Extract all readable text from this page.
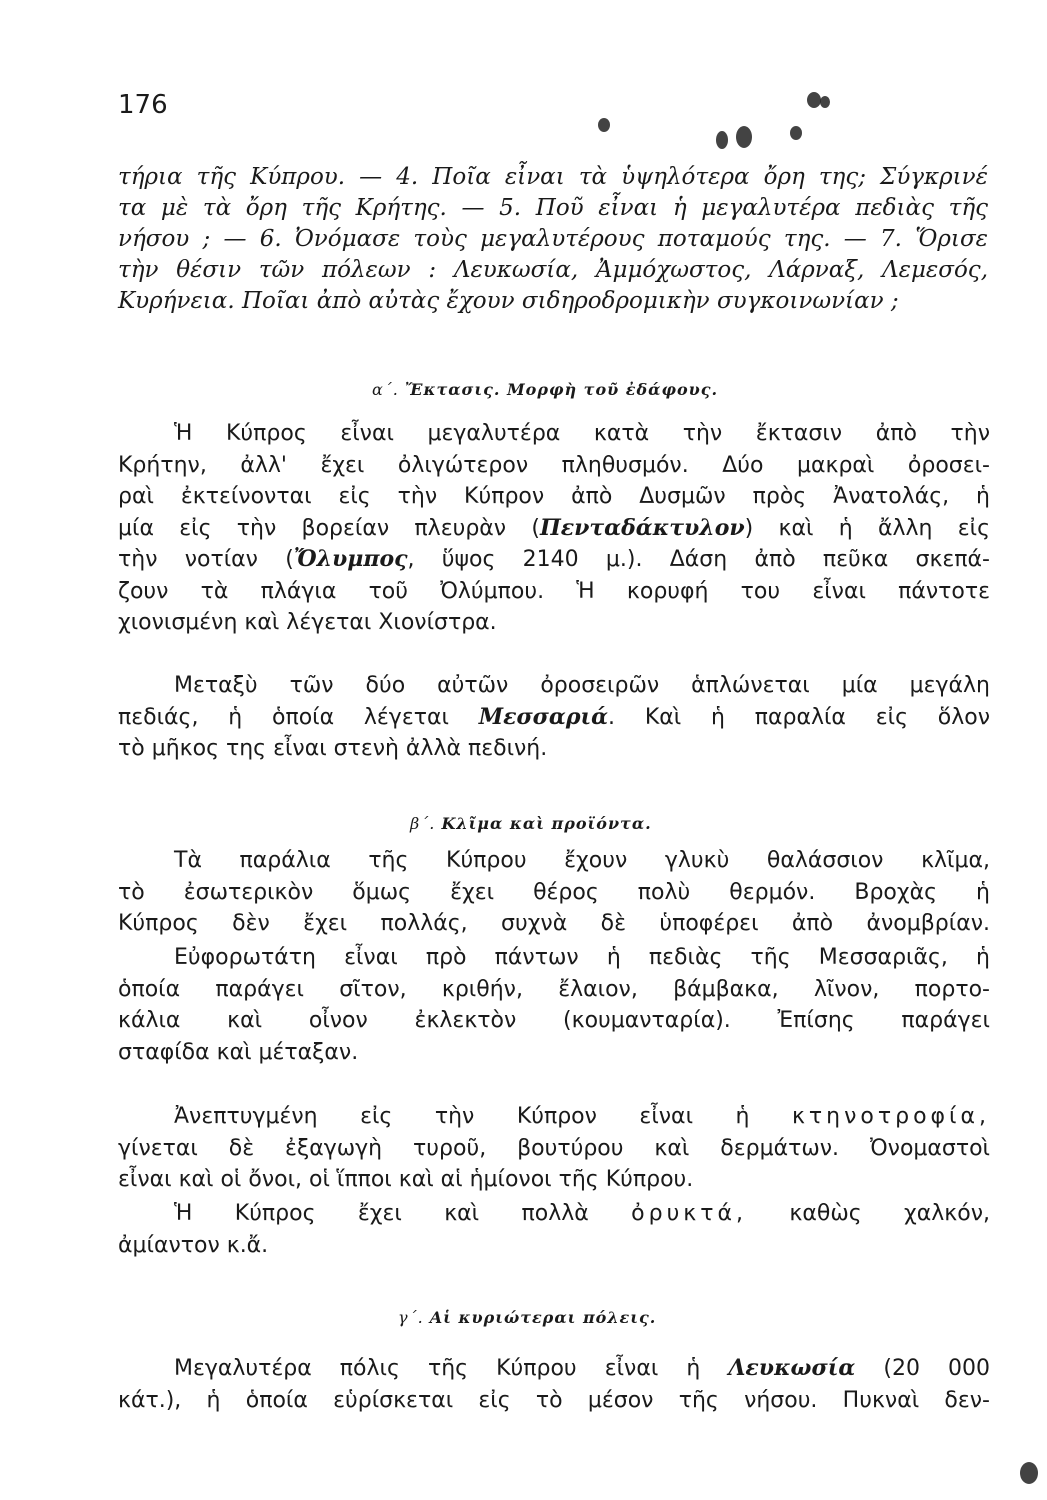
176
τήρια τῆς Κύπρου. — 4. Ποῖα εἶναι τὰ ὑψηλότερα ὄρη της; Σύγκρινέ
τα μὲ τὰ ὄρη τῆς Κρήτης. — 5. Ποῦ εἶναι ἡ μεγαλυτέρα πεδιὰς τῆς
νήσου ; — 6. Ὀνόμασε τοὺς μεγαλυτέρους ποταμούς της. — 7. Ὅρισε
τὴν θέσιν τῶν πόλεων : Λευκωσία, Ἀμμόχωστος, Λάρναξ, Λεμεσός,
Κυρήνεια. Ποῖαι ἀπὸ αὐτὰς ἔχουν σιδηροδρομικὴν συγκοινωνίαν ;
α΄. Ἔκτασις. Μορφὴ τοῦ ἐδάφους.
Ἡ Κύπρος εἶναι μεγαλυτέρα κατὰ τὴν ἔκτασιν ἀπὸ τὴν
Κρήτην, ἀλλ' ἔχει ὀλιγώτερον πληθυσμόν. Δύο μακραὶ ὀροσει-
ραὶ ἐκτείνονται εἰς τὴν Κύπρον ἀπὸ Δυσμῶν πρὸς Ἀνατολάς, ἡ
μία εἰς τὴν βορείαν πλευρὰν (Πενταδάκτυλον) καὶ ἡ ἄλλη εἰς
τὴν νοτίαν (Ὄλυμπος, ὕψος 2140 μ.). Δάση ἀπὸ πεῦκα σκεπά-
ζουν τὰ πλάγια τοῦ Ὀλύμπου. Ἡ κορυφή του εἶναι πάντοτε
χιονισμένη καὶ λέγεται Χιονίστρα.
Μεταξὺ τῶν δύο αὐτῶν ὀροσειρῶν ἁπλώνεται μία μεγάλη
πεδιάς, ἡ ὁποία λέγεται Μεσσαριά. Καὶ ἡ παραλία εἰς ὅλον
τὸ μῆκος της εἶναι στενὴ ἀλλὰ πεδινή.
β΄. Κλῖμα καὶ προϊόντα.
Τὰ παράλια τῆς Κύπρου ἔχουν γλυκὺ θαλάσσιον κλῖμα,
τὸ ἐσωτερικὸν ὅμως ἔχει θέρος πολὺ θερμόν. Βροχὰς ἡ
Κύπρος δὲν ἔχει πολλάς, συχνὰ δὲ ὑποφέρει ἀπὸ ἀνομβρίαν.
Εὐφορωτάτη εἶναι πρὸ πάντων ἡ πεδιὰς τῆς Μεσσαριᾶς, ἡ
ὁποία παράγει σῖτον, κριθήν, ἔλαιον, βάμβακα, λῖνον, πορτο-
κάλια καὶ οἶνον ἐκλεκτὸν (κουμανταρία). Ἐπίσης παράγει
σταφίδα καὶ μέταξαν.
Ἀνεπτυγμένη εἰς τὴν Κύπρον εἶναι ἡ κτηνοτροφία,
γίνεται δὲ ἐξαγωγὴ τυροῦ, βουτύρου καὶ δερμάτων. Ὀνομαστοὶ
εἶναι καὶ οἱ ὄνοι, οἱ ἵπποι καὶ αἱ ἡμίονοι τῆς Κύπρου.
Ἡ Κύπρος ἔχει καὶ πολλὰ ὀρυκτά, καθὼς χαλκόν,
ἀμίαντον κ.ἄ.
γ΄. Αἱ κυριώτεραι πόλεις.
Μεγαλυτέρα πόλις τῆς Κύπρου εἶναι ἡ Λευκωσία (20 000
κάτ.), ἡ ὁποία εὑρίσκεται εἰς τὸ μέσον τῆς νήσου. Πυκναὶ δεν-
